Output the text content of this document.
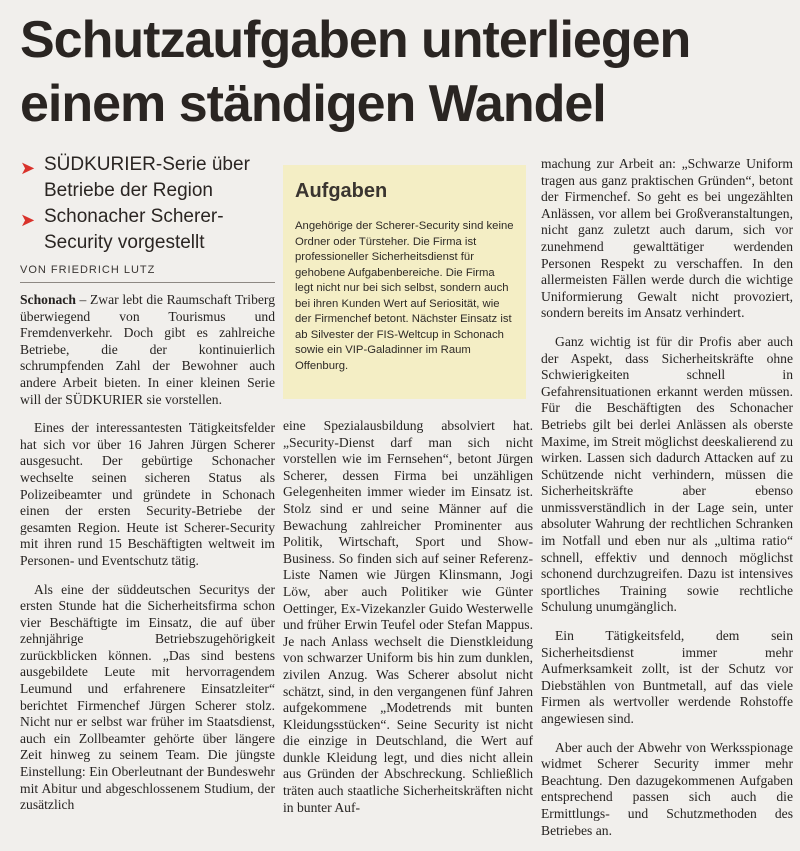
Schutzaufgaben unterliegen
einem ständigen Wandel
➤ SÜDKURIER-Serie über Betriebe der Region
➤ Schonacher Scherer-Security vorgestellt
VON FRIEDRICH LUTZ

Schonach – Zwar lebt die Raumschaft Triberg überwiegend von Tourismus und Fremdenverkehr. Doch gibt es zahlreiche Betriebe, die der kontinuierlich schrumpfenden Zahl der Bewohner auch andere Arbeit bieten. In einer kleinen Serie will der SÜDKURIER sie vorstellen.

Eines der interessantesten Tätigkeitsfelder hat sich vor über 16 Jahren Jürgen Scherer ausgesucht. Der gebürtige Schonacher wechselte seinen sicheren Status als Polizeibeamter und gründete in Schonach einen der ersten Security-Betriebe der gesamten Region. Heute ist Scherer-Security mit ihren rund 15 Beschäftigten weltweit im Personen- und Eventschutz tätig.

Als eine der süddeutschen Securitys der ersten Stunde hat die Sicherheitsfirma schon vier Beschäftigte im Einsatz, die auf über zehnjährige Betriebszugehörigkeit zurückblicken können. „Das sind bestens ausgebildete Leute mit hervorragendem Leumund und erfahrenere Einsatzleiter“ berichtet Firmenchef Jürgen Scherer stolz. Nicht nur er selbst war früher im Staatsdienst, auch ein Zollbeamter gehörte über längere Zeit hinweg zu seinem Team. Die jüngste Einstellung: Ein Oberleutnant der Bundeswehr mit Abitur und abgeschlossenem Studium, der zusätzlich

Aufgaben
Angehörige der Scherer-Security sind keine Ordner oder Türsteher. Die Firma ist professioneller Sicherheitsdienst für gehobene Aufgabenbereiche. Die Firma legt nicht nur bei sich selbst, sondern auch bei ihren Kunden Wert auf Seriosität, wie der Firmenchef betont. Nächster Einsatz ist ab Silvester der FIS-Weltcup in Schonach sowie ein VIP-Galadinner im Raum Offenburg.

eine Spezialausbildung absolviert hat. „Security-Dienst darf man sich nicht vorstellen wie im Fernsehen“, betont Jürgen Scherer, dessen Firma bei unzähligen Gelegenheiten immer wieder im Einsatz ist. Stolz sind er und seine Männer auf die Bewachung zahlreicher Prominenter aus Politik, Wirtschaft, Sport und Show-Business. So finden sich auf seiner Referenz-Liste Namen wie Jürgen Klinsmann, Jogi Löw, aber auch Politiker wie Günter Oettinger, Ex-Vizekanzler Guido Westerwelle und früher Erwin Teufel oder Stefan Mappus. Je nach Anlass wechselt die Dienstkleidung von schwarzer Uniform bis hin zum dunklen, zivilen Anzug. Was Scherer absolut nicht schätzt, sind, in den vergangenen fünf Jahren aufgekommene „Modetrends mit bunten Kleidungsstücken“. Seine Security ist nicht die einzige in Deutschland, die Wert auf dunkle Kleidung legt, und dies nicht allein aus Gründen der Abschreckung. Schließlich träten auch staatliche Sicherheitskräften nicht in bunter Auf-

machung zur Arbeit an: „Schwarze Uniform tragen aus ganz praktischen Gründen“, betont der Firmenchef. So geht es bei ungezählten Anlässen, vor allem bei Großveranstaltungen, nicht ganz zuletzt auch darum, sich vor zunehmend gewalttätiger werdenden Personen Respekt zu verschaffen. In den allermeisten Fällen werde durch die wichtige Uniformierung Gewalt nicht provoziert, sondern bereits im Ansatz verhindert.

Ganz wichtig ist für dir Profis aber auch der Aspekt, dass Sicherheitskräfte ohne Schwierigkeiten schnell in Gefahrensituationen erkannt werden müssen. Für die Beschäftigten des Schonacher Betriebs gilt bei derlei Anlässen als oberste Maxime, im Streit möglichst deeskalierend zu wirken. Lassen sich dadurch Attacken auf zu Schützende nicht verhindern, müssen die Sicherheitskräfte aber ebenso unmissverständlich in der Lage sein, unter absoluter Wahrung der rechtlichen Schranken im Notfall und eben nur als „ultima ratio“ schnell, effektiv und dennoch möglichst schonend durchzugreifen. Dazu ist intensives sportliches Training sowie rechtliche Schulung unumgänglich.

Ein Tätigkeitsfeld, dem sein Sicherheitsdienst immer mehr Aufmerksamkeit zollt, ist der Schutz vor Diebstählen von Buntmetall, auf das viele Firmen als wertvoller werdende Rohstoffe angewiesen sind.

Aber auch der Abwehr von Werksspionage widmet Scherer Security immer mehr Beachtung. Den dazugekommenen Aufgaben entsprechend passen sich auch die Ermittlungs- und Schutzmethoden des Betriebes an.
